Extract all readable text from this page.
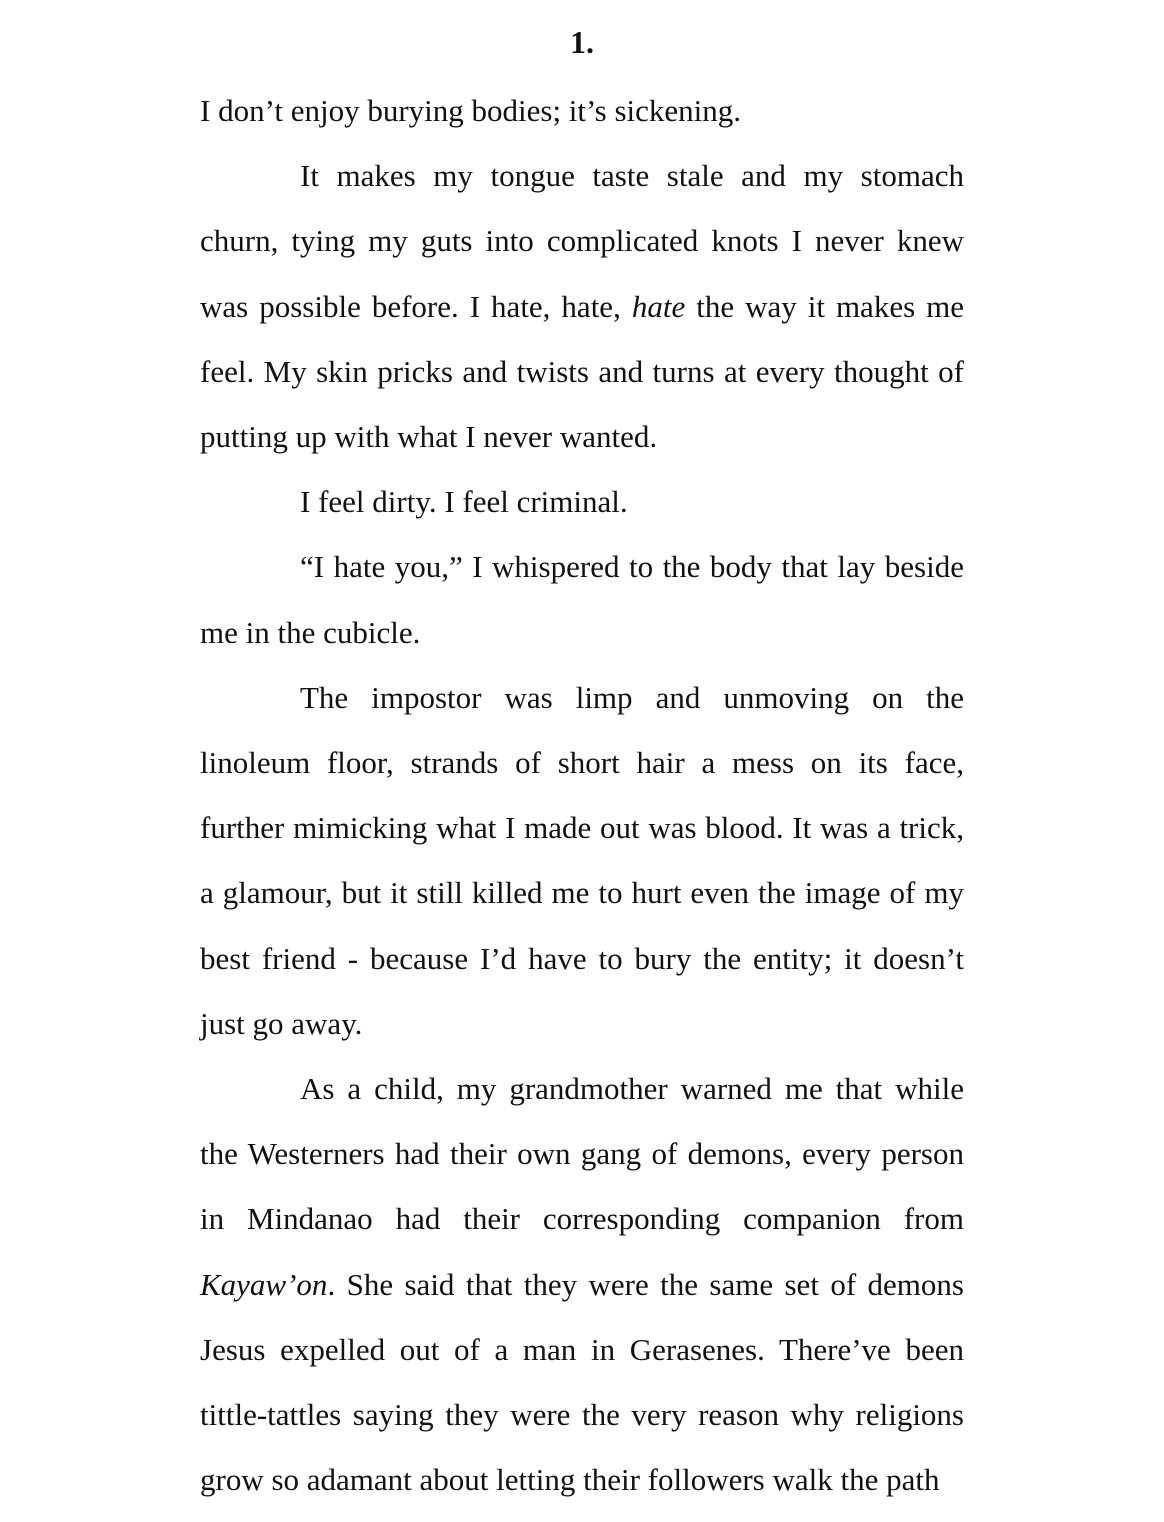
1.

I don’t enjoy burying bodies; it’s sickening.

It makes my tongue taste stale and my stomach churn, tying my guts into complicated knots I never knew was possible before. I hate, hate, hate the way it makes me feel. My skin pricks and twists and turns at every thought of putting up with what I never wanted.

I feel dirty. I feel criminal.

“I hate you,” I whispered to the body that lay beside me in the cubicle.

The impostor was limp and unmoving on the linoleum floor, strands of short hair a mess on its face, further mimicking what I made out was blood. It was a trick, a glamour, but it still killed me to hurt even the image of my best friend - because I’d have to bury the entity; it doesn’t just go away.

As a child, my grandmother warned me that while the Westerners had their own gang of demons, every person in Mindanao had their corresponding companion from Kayaw’on. She said that they were the same set of demons Jesus expelled out of a man in Gerasenes. There’ve been tittle-tattles saying they were the very reason why religions grow so adamant about letting their followers walk the path
